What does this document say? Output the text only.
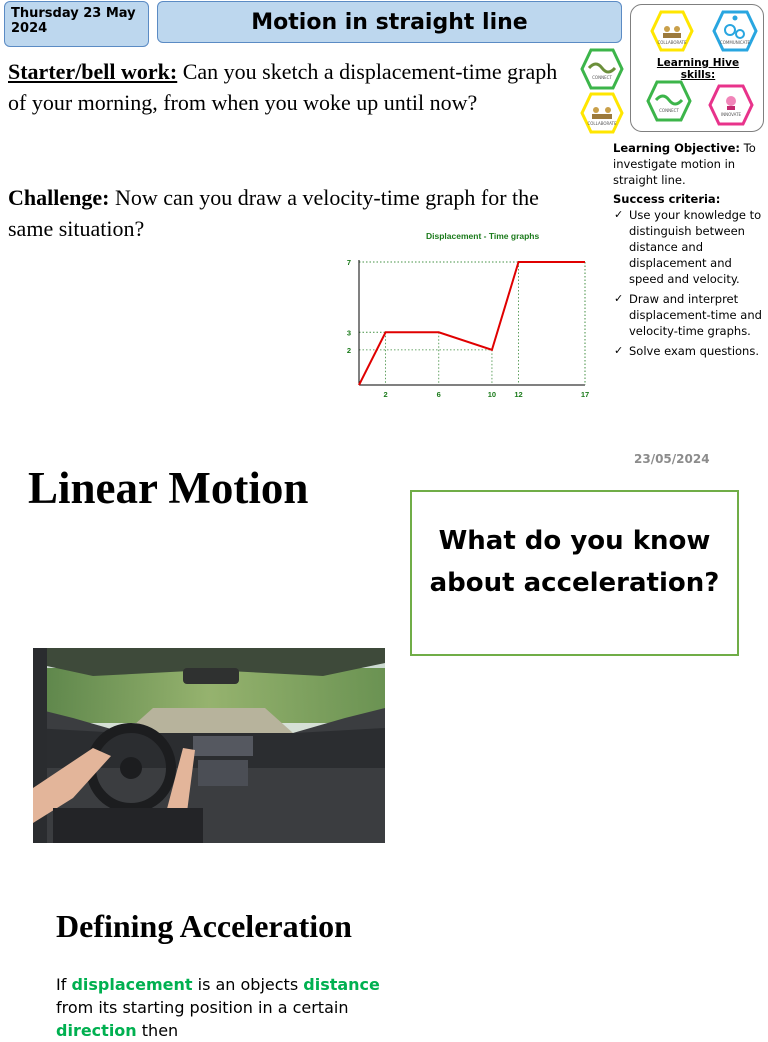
Thursday 23 May 2024	Motion in straight line
COLLABORATE	COMMUNICATE
CONNECT
COLLABORATE
CONNECT
INNOVATE
Learning Hive skills:
Starter/bell work: Can you sketch a displacement-time graph of your morning, from when you woke up until now?
Challenge: Now can you draw a velocity-time graph for the same situation?	Displacement - Time graphs
2	6	10 12	17
2
3
7
Learning Objective: To investigate motion in straight line.
Success criteria:
✓ Use your knowledge to distinguish between distance and displacement and speed and velocity.
✓ Draw and interpret displacement-time and velocity-time graphs.
✓ Solve exam questions.
23/05/2024
Linear Motion
What do you know
about acceleration?
Defining Acceleration
If displacement is an objects distance from its starting position in a certain direction then
